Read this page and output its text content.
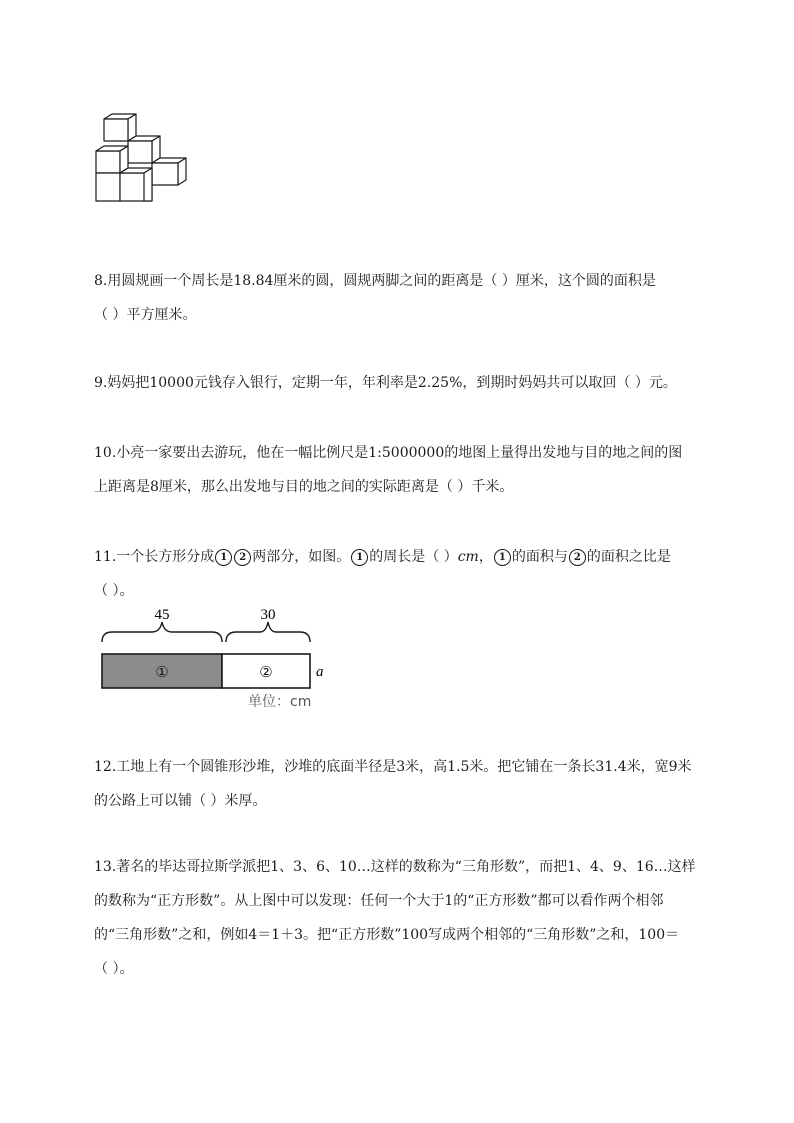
8.用圆规画一个周长是18.84厘米的圆，圆规两脚之间的距离是（ ）厘米，这个圆的面积是

（ ）平方厘米。

9.妈妈把10000元钱存入银行，定期一年，年利率是2.25%，到期时妈妈共可以取回（ ）元。

10.小亮一家要出去游玩，他在一幅比例尺是1:5000000的地图上量得出发地与目的地之间的图

上距离是8厘米，那么出发地与目的地之间的实际距离是（ ）千米。

11.一个长方形分成 1 2 两部分，如图。 1 的周长是（ ）cm， 1 的面积与 2 的面积之比是

（ ）。

45	30
①	②	a
单位：cm

12.工地上有一个圆锥形沙堆，沙堆的底面半径是3米，高1.5米。把它铺在一条长31.4米，宽9米

的公路上可以铺（ ）米厚。

13.著名的毕达哥拉斯学派把1、3、6、10…这样的数称为“三角形数”，而把1、4、9、16…这样

的数称为“正方形数”。从上图中可以发现：任何一个大于1的“正方形数”都可以看作两个相邻

的“三角形数”之和，例如4＝1＋3。把“正方形数”100写成两个相邻的“三角形数”之和，100＝

（ ）。
